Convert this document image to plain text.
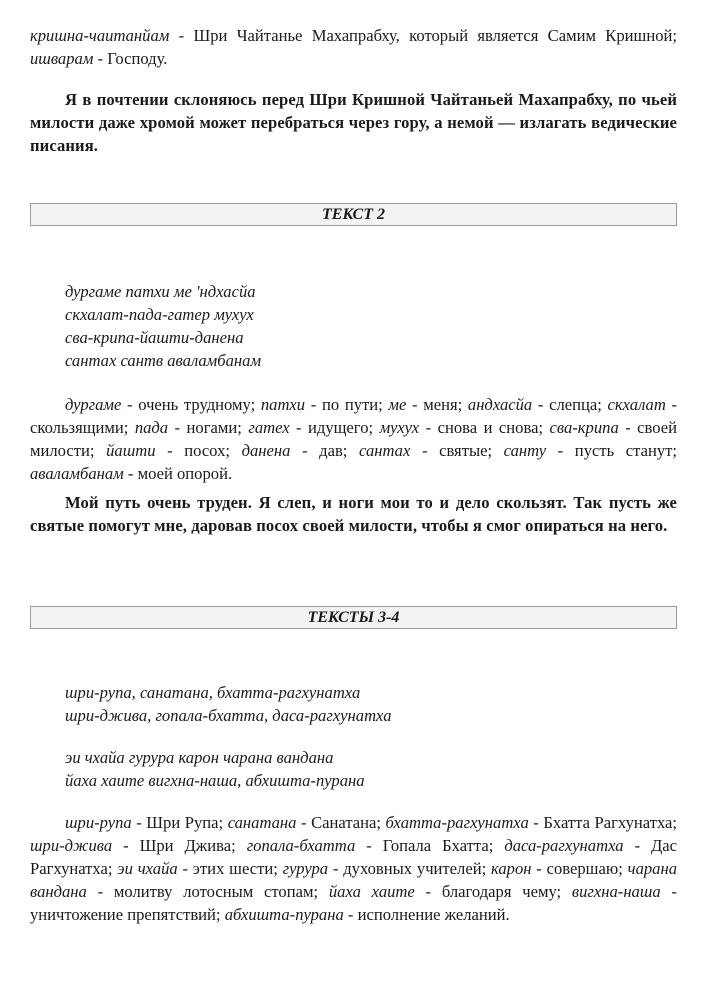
кришна-чаитанйам - Шри Чайтанье Махапрабху, который является Самим Кришной; ишварам - Господу.
Я в почтении склоняюсь перед Шри Кришной Чайтаньей Махапрабху, по чьей милости даже хромой может перебраться через гору, а немой — излагать ведические писания.
ТЕКСТ 2
дургаме патхи ме 'ндхасйа
скхалат-пада-гатер мухух
сва-крипа-йашти-данена
сантах сантв аваламбанам
дургаме - очень трудному; патхи - по пути; ме - меня; андхасйа - слепца; скхалат - скользящими; пада - ногами; гатех - идущего; мухух - снова и снова; сва-крипа - своей милости; йашти - посох; данена - дав; сантах - святые; санту - пусть станут; аваламбанам - моей опорой.
Мой путь очень труден. Я слеп, и ноги мои то и дело скользят. Так пусть же святые помогут мне, даровав посох своей милости, чтобы я смог опираться на него.
ТЕКСТЫ 3-4
шри-рупа, санатана, бхатта-рагхунатха
шри-джива, гопала-бхатта, даса-рагхунатха
эи чхайа гурура карон чарана вандана
йаха хаите вигхна-наша, абхишта-пурана
шри-рупа - Шри Рупа; санатана - Санатана; бхатта-рагхунатха - Бхатта Рагхунатха; шри-джива - Шри Джива; гопала-бхатта - Гопала Бхатта; даса-рагхунатха - Дас Рагхунатха; эи чхайа - этих шести; гурура - духовных учителей; карон - совершаю; чарана вандана - молитву лотосным стопам; йаха хаите - благодаря чему; вигхна-наша - уничтожение препятствий; абхишта-пурана - исполнение желаний.
